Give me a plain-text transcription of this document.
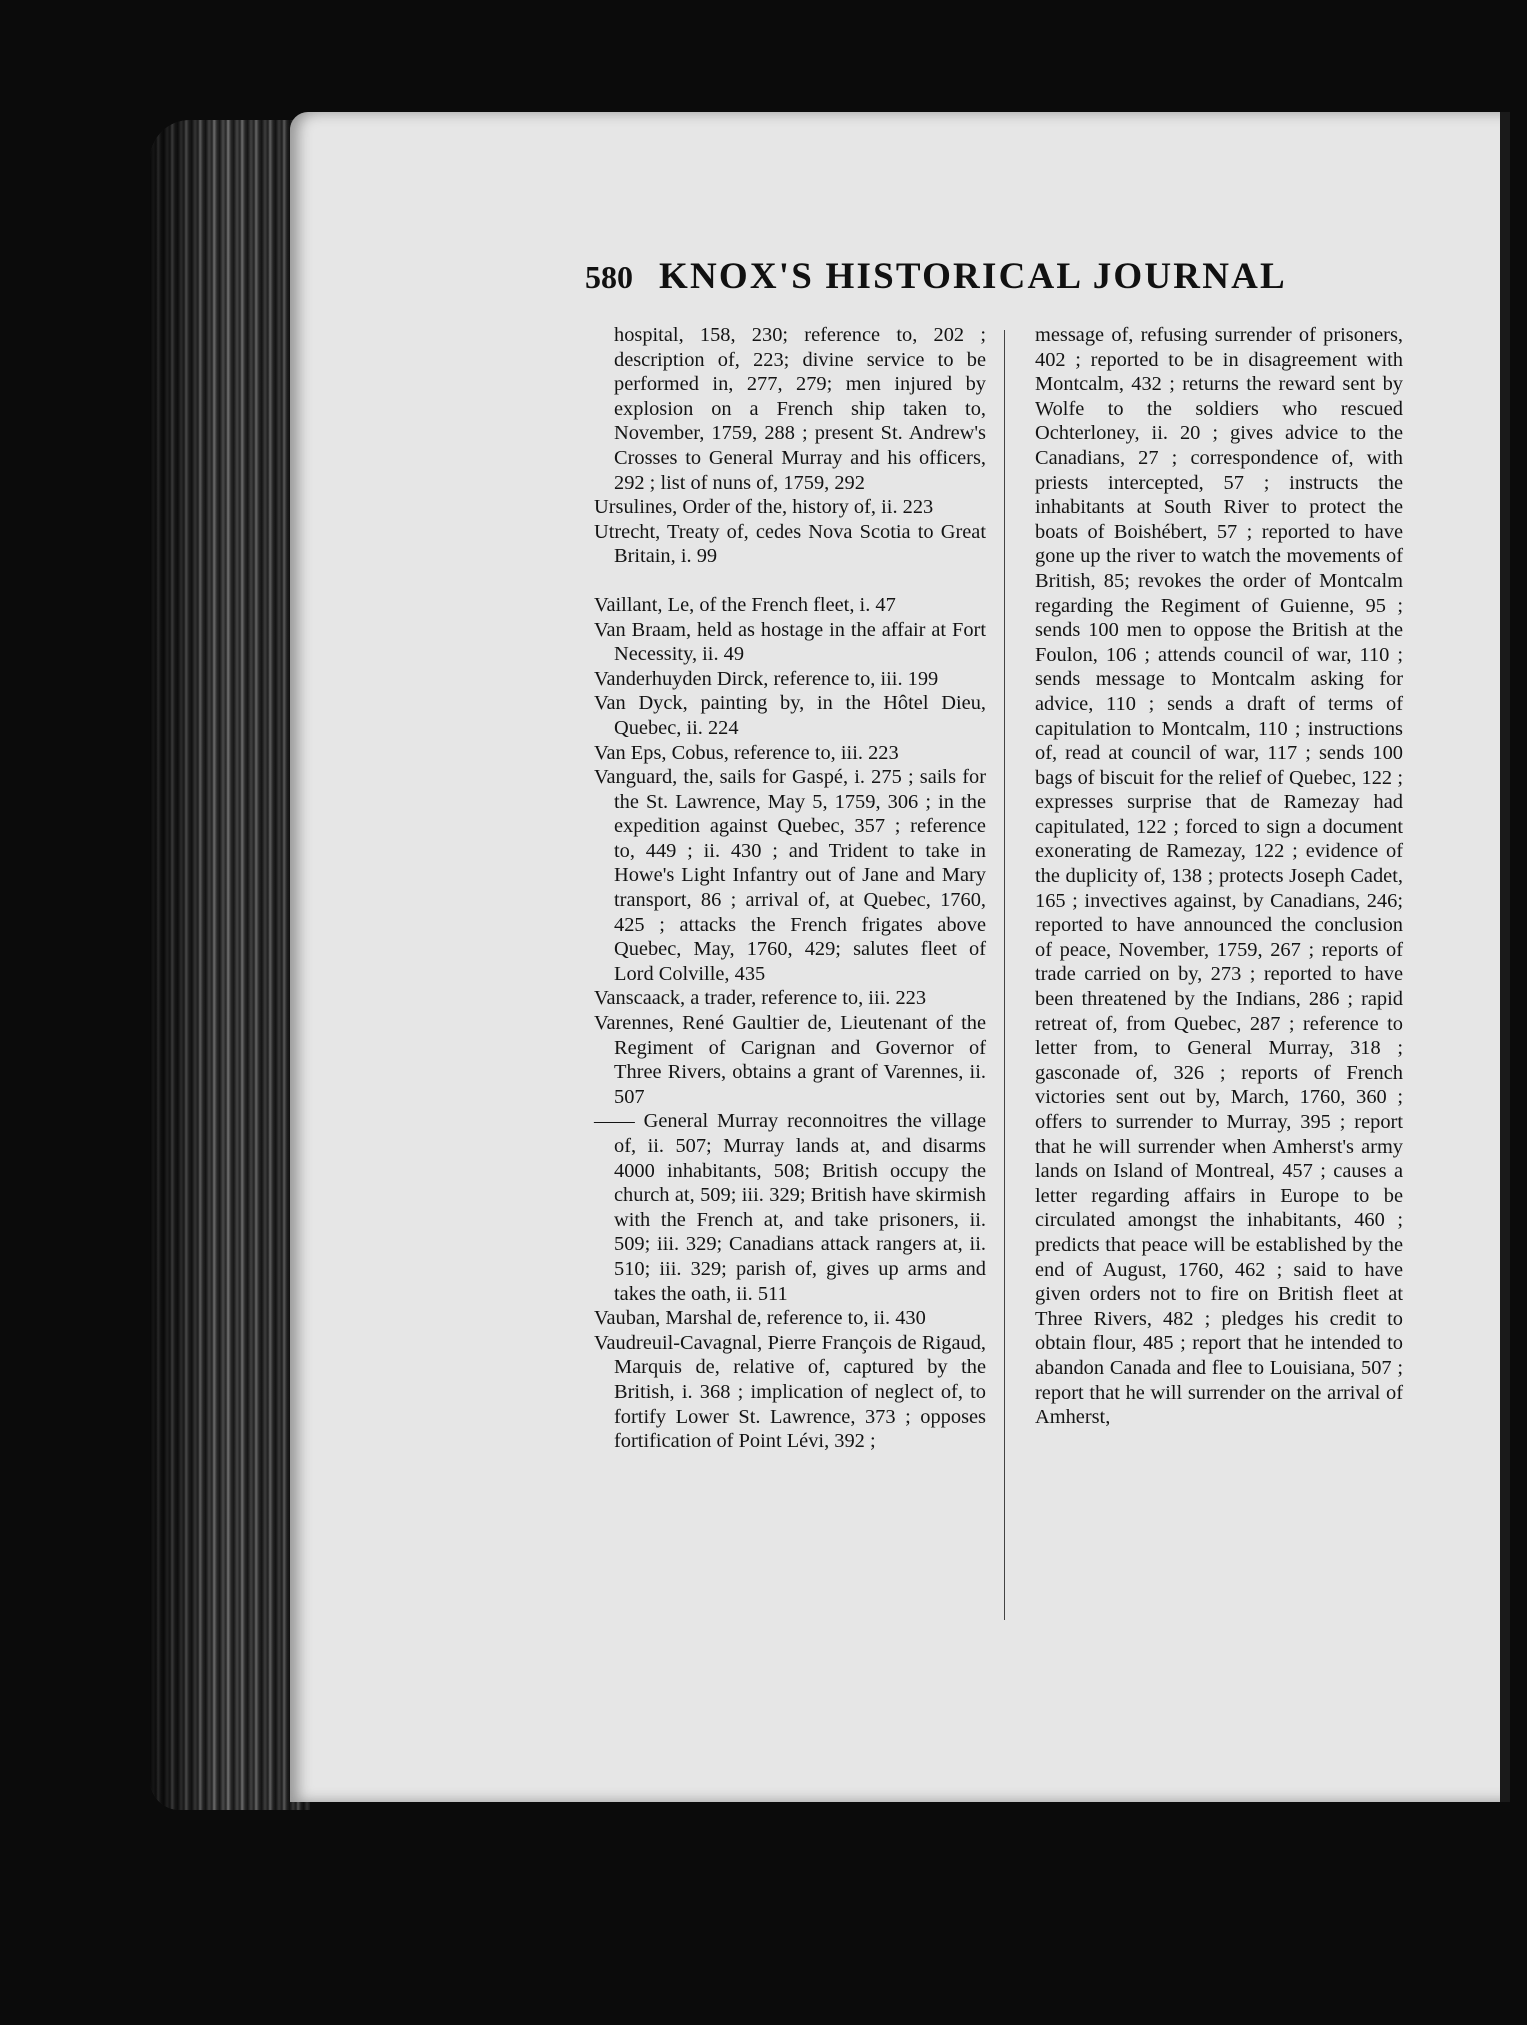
580 KNOX'S HISTORICAL JOURNAL

hospital, 158, 230; reference to, 202 ; description of, 223; divine service to be performed in, 277, 279; men injured by explosion on a French ship taken to, November, 1759, 288 ; present St. Andrew's Crosses to General Murray and his officers, 292 ; list of nuns of, 1759, 292

Ursulines, Order of the, history of, ii. 223

Utrecht, Treaty of, cedes Nova Scotia to Great Britain, i. 99

Vaillant, Le, of the French fleet, i. 47

Van Braam, held as hostage in the affair at Fort Necessity, ii. 49

Vanderhuyden Dirck, reference to, iii. 199

Van Dyck, painting by, in the Hôtel Dieu, Quebec, ii. 224

Van Eps, Cobus, reference to, iii. 223

Vanguard, the, sails for Gaspé, i. 275 ; sails for the St. Lawrence, May 5, 1759, 306 ; in the expedition against Quebec, 357 ; reference to, 449 ; ii. 430 ; and Trident to take in Howe's Light Infantry out of Jane and Mary transport, 86 ; arrival of, at Quebec, 1760, 425 ; attacks the French frigates above Quebec, May, 1760, 429; salutes fleet of Lord Colville, 435

Vanscaack, a trader, reference to, iii. 223

Varennes, René Gaultier de, Lieutenant of the Regiment of Carignan and Governor of Three Rivers, obtains a grant of Varennes, ii. 507

—— General Murray reconnoitres the village of, ii. 507; Murray lands at, and disarms 4000 inhabitants, 508; British occupy the church at, 509; iii. 329; British have skirmish with the French at, and take prisoners, ii. 509; iii. 329; Canadians attack rangers at, ii. 510; iii. 329; parish of, gives up arms and takes the oath, ii. 511

Vauban, Marshal de, reference to, ii. 430

Vaudreuil-Cavagnal, Pierre François de Rigaud, Marquis de, relative of, captured by the British, i. 368 ; implication of neglect of, to fortify Lower St. Lawrence, 373 ; opposes fortification of Point Lévi, 392 ;

message of, refusing surrender of prisoners, 402 ; reported to be in disagreement with Montcalm, 432 ; returns the reward sent by Wolfe to the soldiers who rescued Ochterloney, ii. 20 ; gives advice to the Canadians, 27 ; correspondence of, with priests intercepted, 57 ; instructs the inhabitants at South River to protect the boats of Boishébert, 57 ; reported to have gone up the river to watch the movements of British, 85; revokes the order of Montcalm regarding the Regiment of Guienne, 95 ; sends 100 men to oppose the British at the Foulon, 106 ; attends council of war, 110 ; sends message to Montcalm asking for advice, 110 ; sends a draft of terms of capitulation to Montcalm, 110 ; instructions of, read at council of war, 117 ; sends 100 bags of biscuit for the relief of Quebec, 122 ; expresses surprise that de Ramezay had capitulated, 122 ; forced to sign a document exonerating de Ramezay, 122 ; evidence of the duplicity of, 138 ; protects Joseph Cadet, 165 ; invectives against, by Canadians, 246; reported to have announced the conclusion of peace, November, 1759, 267 ; reports of trade carried on by, 273 ; reported to have been threatened by the Indians, 286 ; rapid retreat of, from Quebec, 287 ; reference to letter from, to General Murray, 318 ; gasconade of, 326 ; reports of French victories sent out by, March, 1760, 360 ; offers to surrender to Murray, 395 ; report that he will surrender when Amherst's army lands on Island of Montreal, 457 ; causes a letter regarding affairs in Europe to be circulated amongst the inhabitants, 460 ; predicts that peace will be established by the end of August, 1760, 462 ; said to have given orders not to fire on British fleet at Three Rivers, 482 ; pledges his credit to obtain flour, 485 ; report that he intended to abandon Canada and flee to Louisiana, 507 ; report that he will surrender on the arrival of Amherst,
